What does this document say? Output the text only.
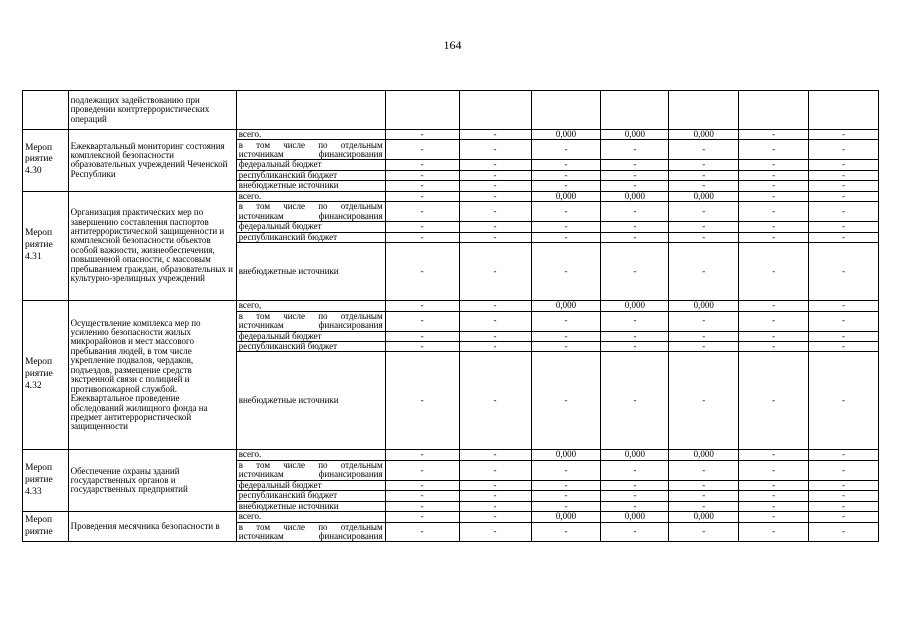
164
	подлежащих задействованию при проведении контртеррористических операций								
Мероп риятие 4.30	Ежеквартальный мониторинг состояния комплексной безопасности образовательных учреждений Чеченской Республики	всего.	-	-	0,000	0,000	0,000	-	-
		в том числе по отдельным источникам финансирования	-	-	-	-	-	-	-
		федеральный бюджет	-	-	-	-	-	-	-
		республиканский бюджет	-	-	-	-	-	-	-
		внебюджетные источники	-	-	-	-	-	-	-
Мероп риятие 4.31	Организация практических мер по завершению составления паспортов антитеррористической защищенности и комплексной безопасности объектов особой важности, жизнеобеспечения, повышенной опасности, с массовым пребыванием граждан, образовательных и культурно-зрелищных учреждений	всего.	-	-	0,000	0,000	0,000	-	-
		в том числе по отдельным источникам финансирования	-	-	-	-	-	-	-
		федеральный бюджет	-	-	-	-	-	-	-
		республиканский бюджет	-	-	-	-	-	-	-
		внебюджетные источники	-	-	-	-	-	-	-
Мероп риятие 4.32	Осуществление комплекса мер по усилению безопасности жилых микрорайонов и мест массового пребывания людей, в том числе укрепление подвалов, чердаков, подъездов, размещение средств экстренной связи с полицией и противопожарной службой. Ежеквартальное проведение обследований жилищного фонда на предмет антитеррористической защищенности	всего,	-	-	0,000	0,000	0,000	-	-
		в том числе по отдельным источникам финансирования	-	-	-	-	-	-	-
		федеральный бюджет	-	-	-	-	-	-	-
		республиканский бюджет	-	-	-	-	-	-	-
		внебюджетные источники	-	-	-	-	-	-	-
Мероп риятие 4.33	Обеспечение охраны зданий государственных органов и государственных предприятий	всего.	-	-	0,000	0,000	0,000	-	-
		в том числе по отдельным источникам финансирования	-	-	-	-	-	-	-
		федеральный бюджет	-	-	-	-	-	-	-
		республиканский бюджет	-	-	-	-	-	-	-
		внебюджетные источники	-	-	-	-	-	-	-
Мероп риятие	Проведения месячника безопасности в	всего.	-	-	0,000	0,000	0,000	-	-
		в том числе по отдельным источникам финансирования	-	-	-	-	-	-	-
